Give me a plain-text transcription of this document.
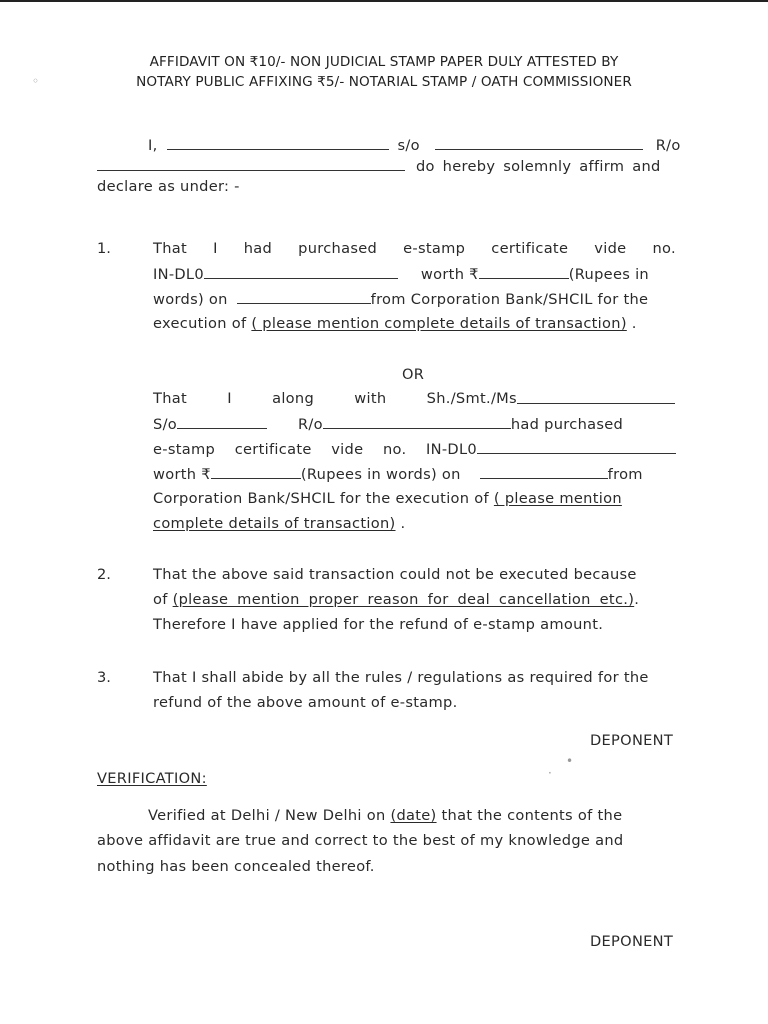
◦
•
·
AFFIDAVIT ON ₹10/- NON JUDICIAL STAMP PAPER DULY ATTESTED BY
NOTARY PUBLIC AFFIXING ₹5/- NOTARIAL STAMP / OATH COMMISSIONER
I,	s/o	R/o
do hereby solemnly affirm and
declare as under: -
1.	That I had purchased e-stamp certificate vide no.
IN-DL0	worth ₹	(Rupees in
words) on	from Corporation Bank/SHCIL for the
execution of ( please mention complete details of transaction) .
OR
That	I	along	with	Sh./Smt./Ms
S/o	R/o	had purchased
e-stamp certificate vide no. IN-DL0
worth ₹	(Rupees in words) on	from
Corporation Bank/SHCIL for the execution of ( please mention
complete details of transaction) .
2.	That the above said transaction could not be executed because
of (please mention proper reason for deal cancellation etc.).
Therefore I have applied for the refund of e-stamp amount.
3.	That I shall abide by all the rules / regulations as required for the
refund of the above amount of e-stamp.
DEPONENT
VERIFICATION:
Verified at Delhi / New Delhi on (date) that the contents of the
above affidavit are true and correct to the best of my knowledge and
nothing has been concealed thereof.
DEPONENT
